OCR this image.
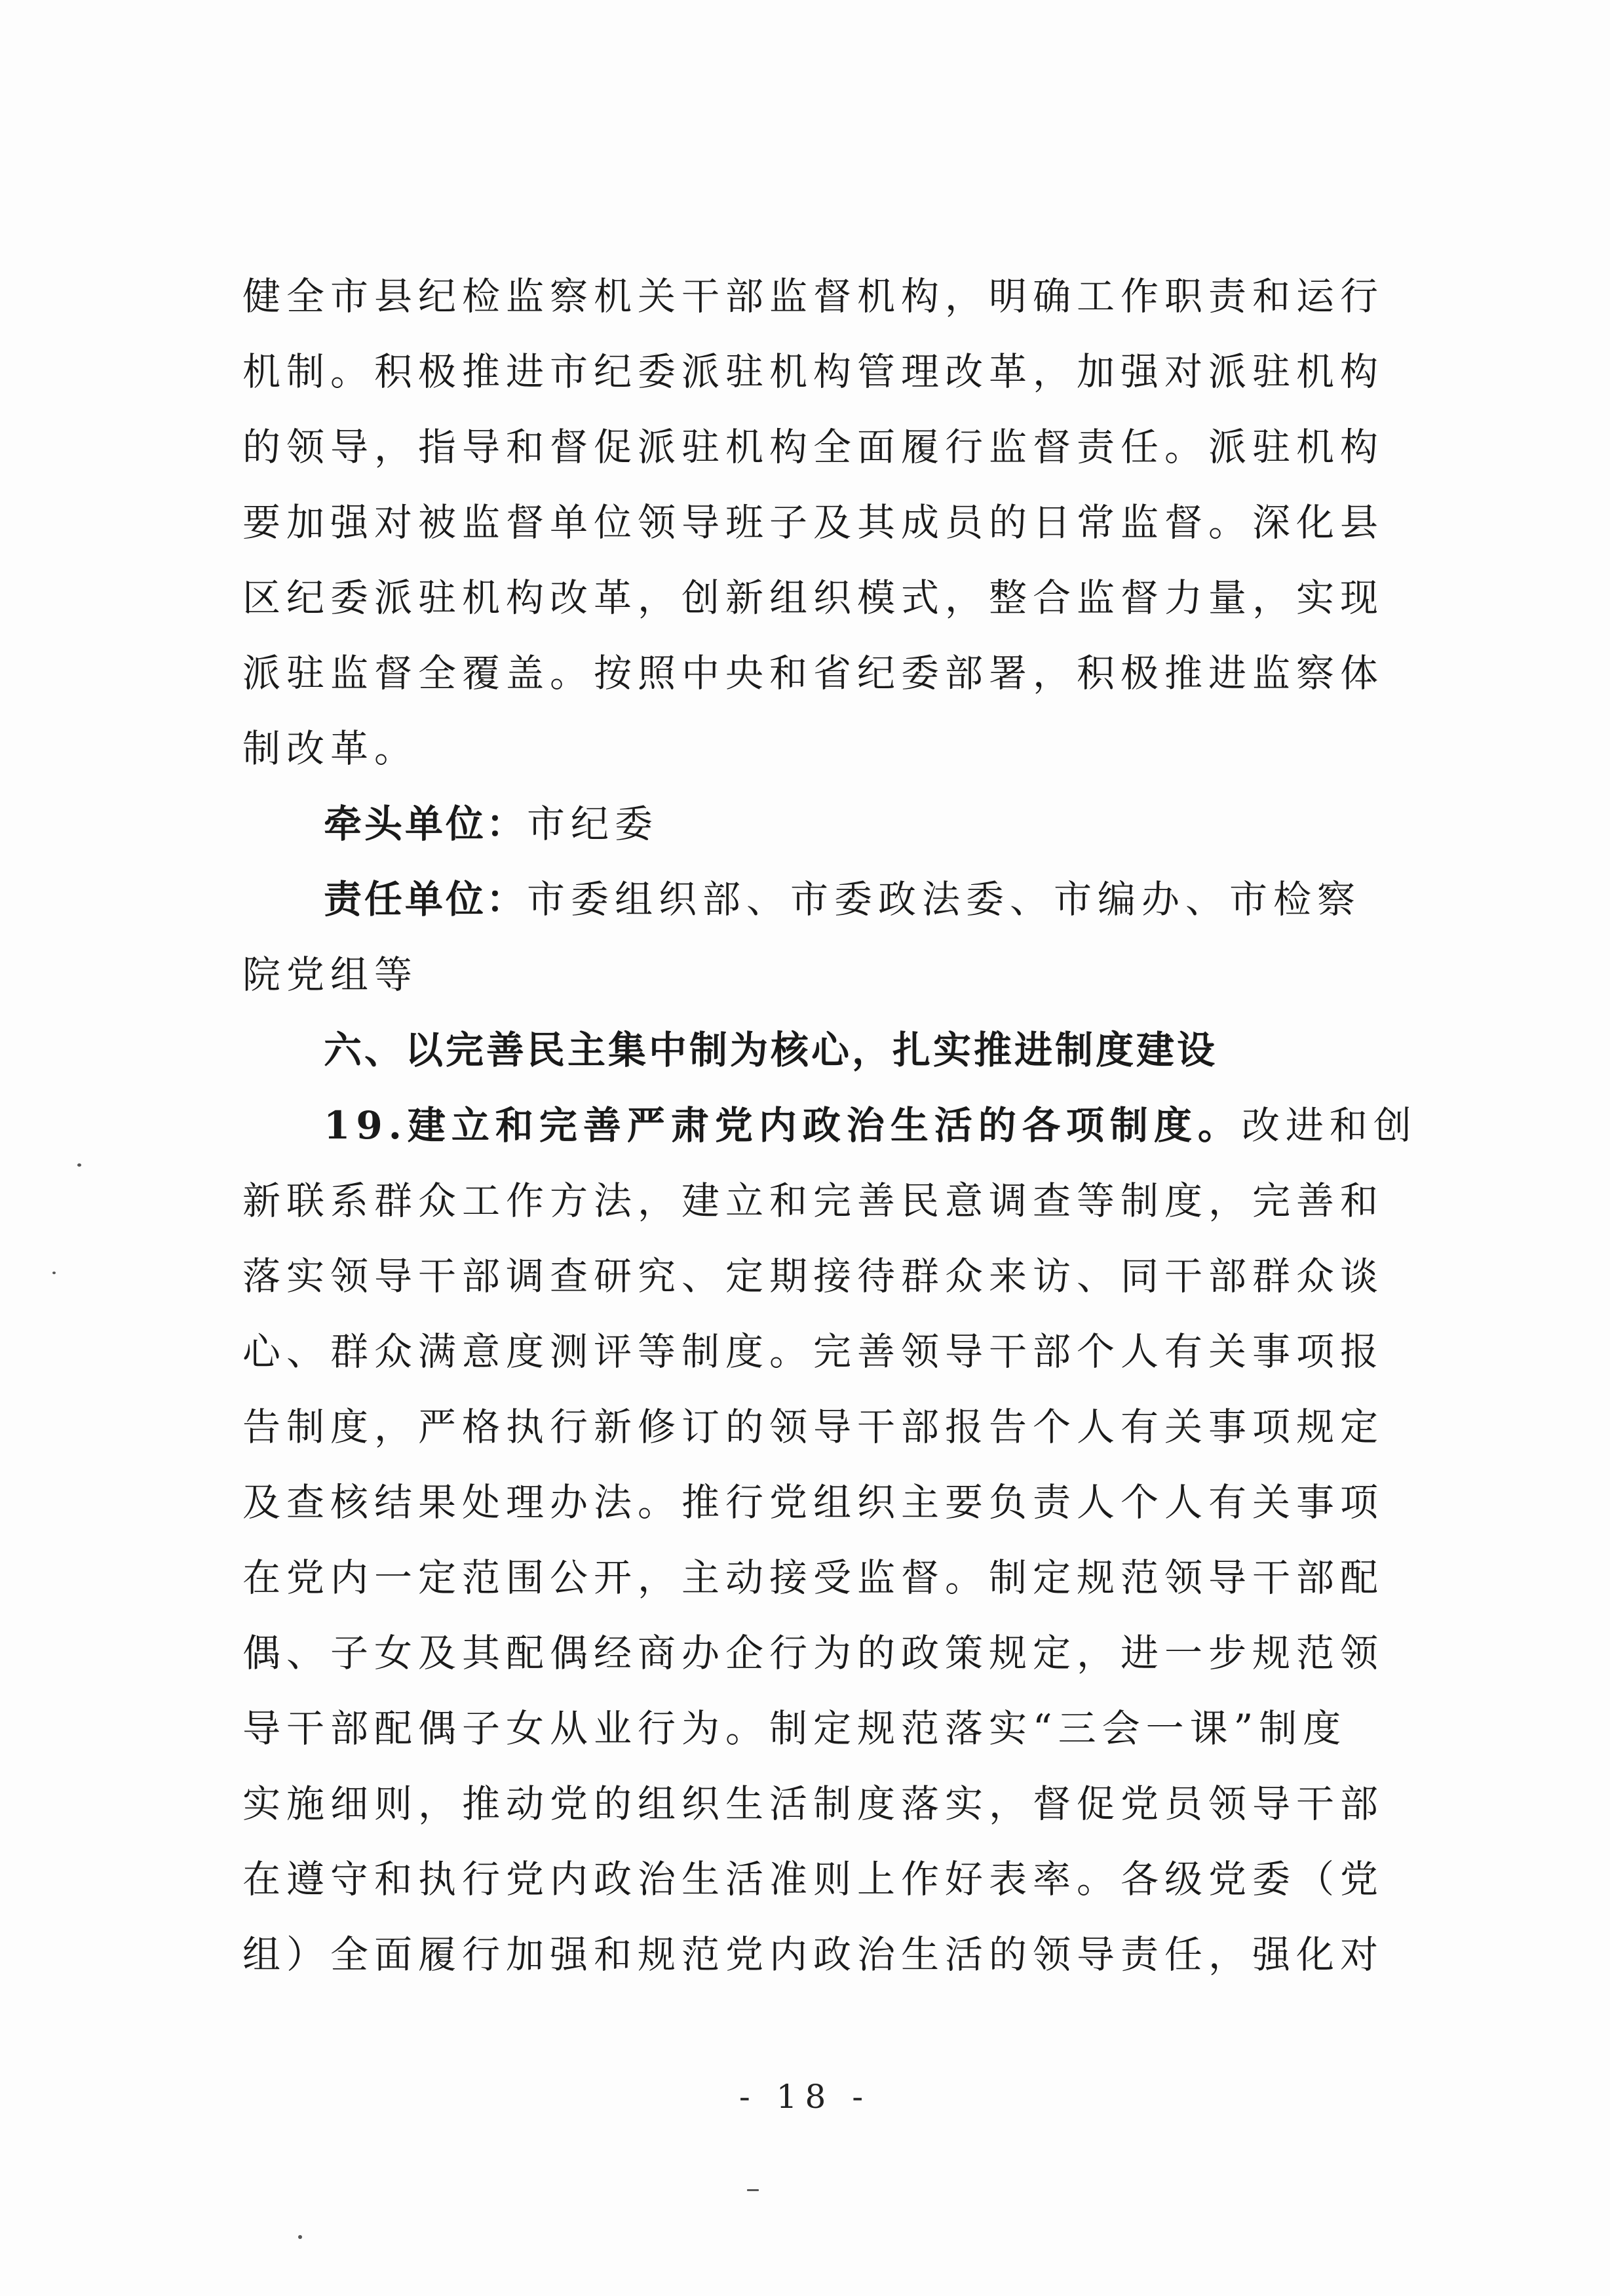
健全市县纪检监察机关干部监督机构，明确工作职责和运行
机制。积极推进市纪委派驻机构管理改革，加强对派驻机构
的领导，指导和督促派驻机构全面履行监督责任。派驻机构
要加强对被监督单位领导班子及其成员的日常监督。深化县
区纪委派驻机构改革，创新组织模式，整合监督力量，实现
派驻监督全覆盖。按照中央和省纪委部署，积极推进监察体
制改革。
牵头单位：市纪委
责任单位：市委组织部、市委政法委、市编办、市检察
院党组等
六、以完善民主集中制为核心，扎实推进制度建设
19.建立和完善严肃党内政治生活的各项制度。改进和创
新联系群众工作方法，建立和完善民意调查等制度，完善和
落实领导干部调查研究、定期接待群众来访、同干部群众谈
心、群众满意度测评等制度。完善领导干部个人有关事项报
告制度，严格执行新修订的领导干部报告个人有关事项规定
及查核结果处理办法。推行党组织主要负责人个人有关事项
在党内一定范围公开，主动接受监督。制定规范领导干部配
偶、子女及其配偶经商办企行为的政策规定，进一步规范领
导干部配偶子女从业行为。制定规范落实“三会一课”制度
实施细则，推动党的组织生活制度落实，督促党员领导干部
在遵守和执行党内政治生活准则上作好表率。各级党委（党
组）全面履行加强和规范党内政治生活的领导责任，强化对
- 18 -
